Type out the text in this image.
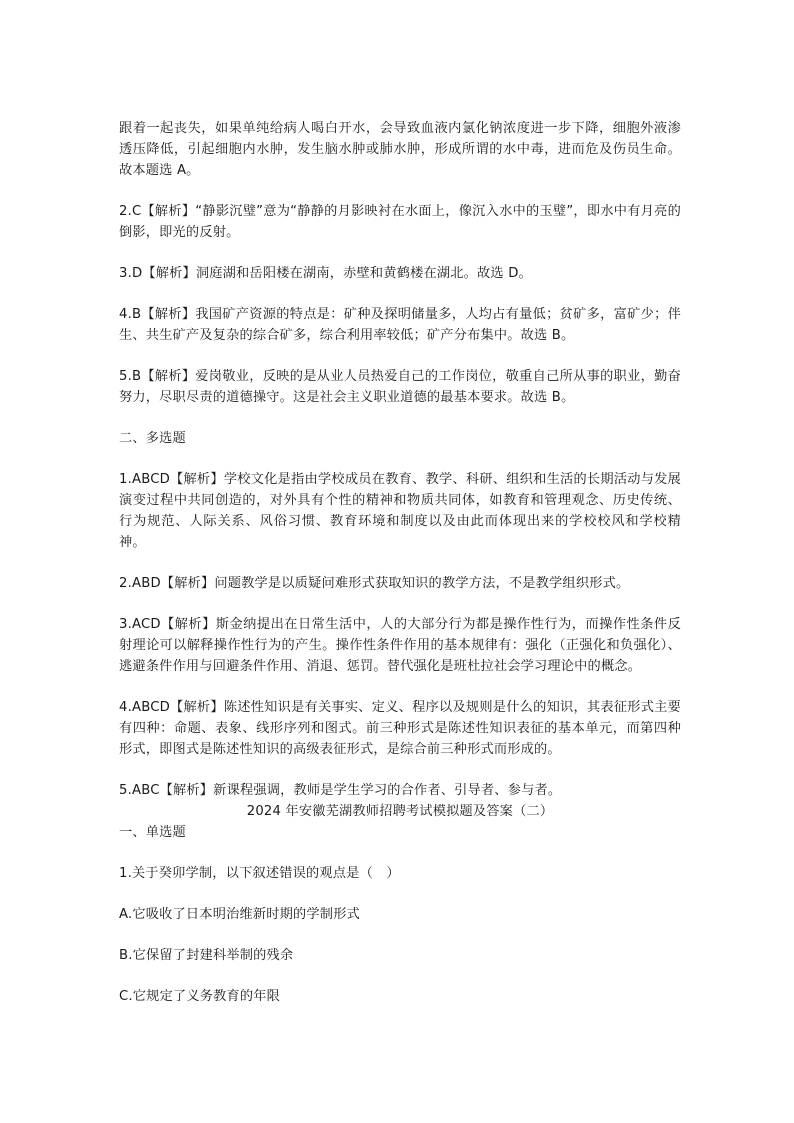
跟着一起丧失，如果单纯给病人喝白开水，会导致血液内氯化钠浓度进一步下降，细胞外液渗透压降低，引起细胞内水肿，发生脑水肿或肺水肿，形成所谓的水中毒，进而危及伤员生命。故本题选 A。

2.C【解析】“静影沉璧”意为“静静的月影映衬在水面上，像沉入水中的玉璧”，即水中有月亮的倒影，即光的反射。

3.D【解析】洞庭湖和岳阳楼在湖南，赤壁和黄鹤楼在湖北。故选 D。

4.B【解析】我国矿产资源的特点是：矿种及探明储量多，人均占有量低；贫矿多，富矿少；伴生、共生矿产及复杂的综合矿多，综合利用率较低；矿产分布集中。故选 B。

5.B【解析】爱岗敬业，反映的是从业人员热爱自己的工作岗位，敬重自己所从事的职业，勤奋努力，尽职尽责的道德操守。这是社会主义职业道德的最基本要求。故选 B。

二、多选题

1.ABCD【解析】学校文化是指由学校成员在教育、教学、科研、组织和生活的长期活动与发展演变过程中共同创造的，对外具有个性的精神和物质共同体，如教育和管理观念、历史传统、行为规范、人际关系、风俗习惯、教育环境和制度以及由此而体现出来的学校校风和学校精神。

2.ABD【解析】问题教学是以质疑问难形式获取知识的教学方法，不是教学组织形式。

3.ACD【解析】斯金纳提出在日常生活中，人的大部分行为都是操作性行为，而操作性条件反射理论可以解释操作性行为的产生。操作性条件作用的基本规律有：强化（正强化和负强化）、逃避条件作用与回避条件作用、消退、惩罚。替代强化是班杜拉社会学习理论中的概念。

4.ABCD【解析】陈述性知识是有关事实、定义、程序以及规则是什么的知识，其表征形式主要有四种：命题、表象、线形序列和图式。前三种形式是陈述性知识表征的基本单元，而第四种形式，即图式是陈述性知识的高级表征形式，是综合前三种形式而形成的。

5.ABC【解析】新课程强调，教师是学生学习的合作者、引导者、参与者。

2024 年安徽芜湖教师招聘考试模拟题及答案（二）

一、单选题

1.关于癸卯学制，以下叙述错误的观点是（　）

A.它吸收了日本明治维新时期的学制形式

B.它保留了封建科举制的残余

C.它规定了义务教育的年限
